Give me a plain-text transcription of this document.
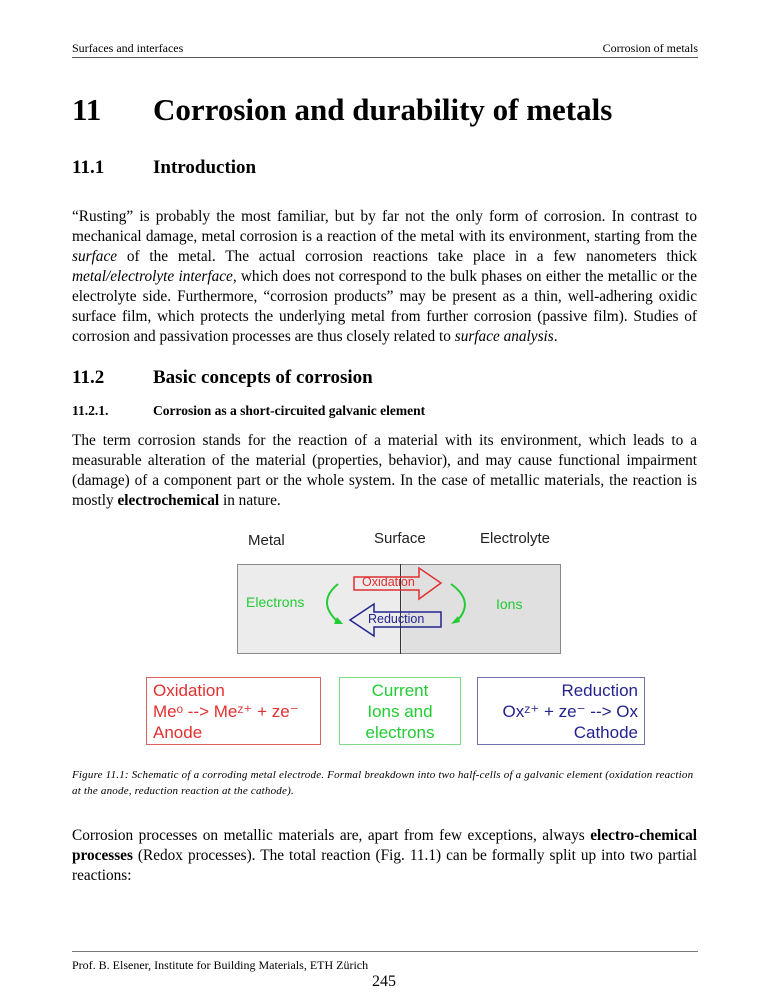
Surfaces and interfaces	Corrosion of metals
11 Corrosion and durability of metals
11.1	Introduction
“Rusting” is probably the most familiar, but by far not the only form of corrosion. In contrast to mechanical damage, metal corrosion is a reaction of the metal with its environment, starting from the surface of the metal. The actual corrosion reactions take place in a few nanometers thick metal/electrolyte interface, which does not correspond to the bulk phases on either the metallic or the electrolyte side. Furthermore, “corrosion products” may be present as a thin, well-adhering oxidic surface film, which protects the underlying metal from further corrosion (passive film). Studies of corrosion and passivation processes are thus closely related to surface analysis.
11.2	Basic concepts of corrosion
11.2.1.	Corrosion as a short-circuited galvanic element
The term corrosion stands for the reaction of a material with its environment, which leads to a measurable alteration of the material (properties, behavior), and may cause functional impairment (damage) of a component part or the whole system. In the case of metallic materials, the reaction is mostly electrochemical in nature.
Metal	Surface	Electrolyte
Oxidation
Reduction
Electrons	Ions
Oxidation
Meᵒ --> Meᶻ⁺ + ze⁻
Anode
Current
Ions and
electrons
Reduction
Oxᶻ⁺ + ze⁻ --> Ox
Cathode
Figure 11.1: Schematic of a corroding metal electrode. Formal breakdown into two half-cells of a galvanic element (oxidation reaction at the anode, reduction reaction at the cathode).
Corrosion processes on metallic materials are, apart from few exceptions, always electro-chemical processes (Redox processes). The total reaction (Fig. 11.1) can be formally split up into two partial reactions:
Prof. B. Elsener, Institute for Building Materials, ETH Zürich
245
